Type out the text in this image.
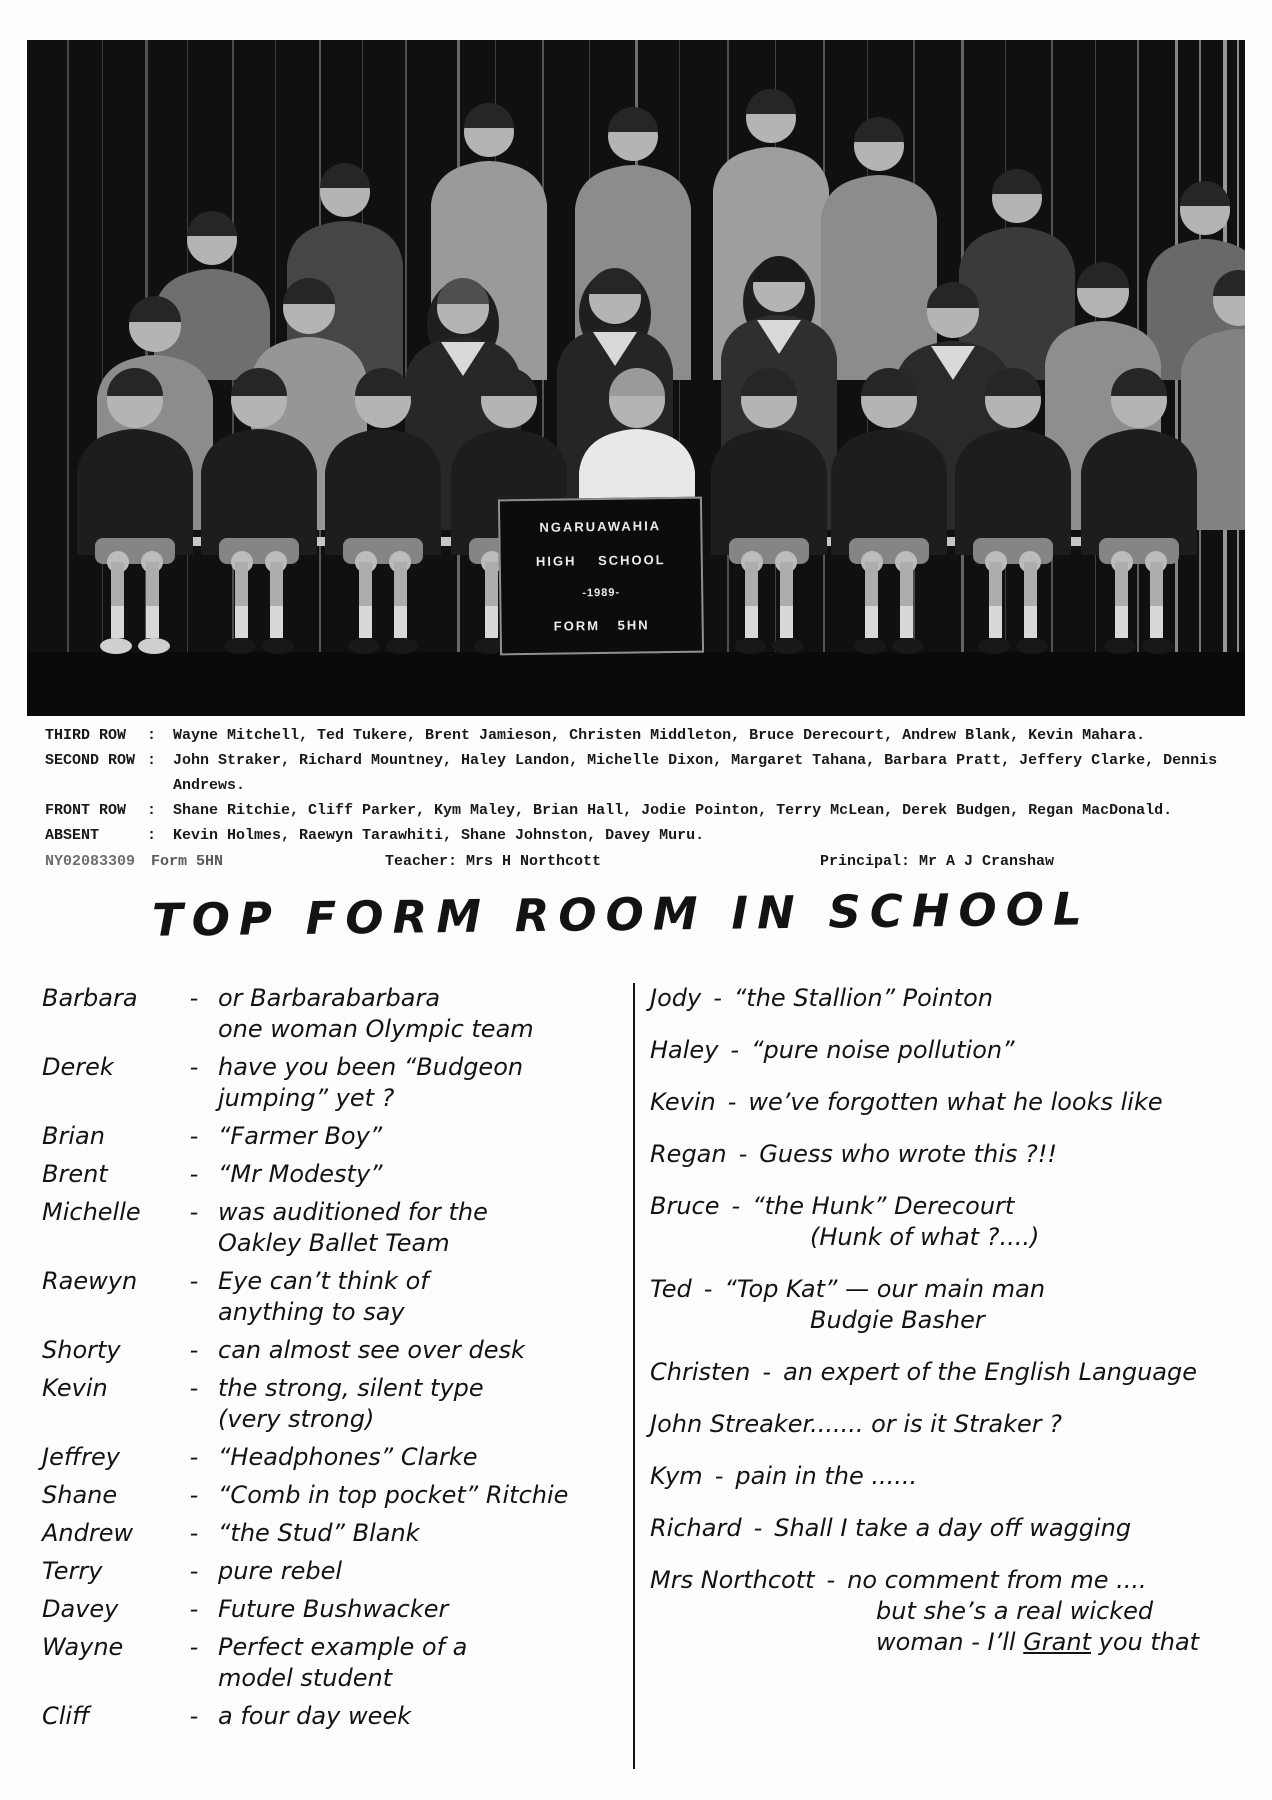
NGARUAWAHIA
HIGH SCHOOL
-1989-
FORM 5HN
THIRD ROW	:	Wayne Mitchell, Ted Tukere, Brent Jamieson, Christen Middleton, Bruce Derecourt, Andrew Blank, Kevin Mahara.
SECOND ROW :	John Straker, Richard Mountney, Haley Landon, Michelle Dixon, Margaret Tahana, Barbara Pratt, Jeffery Clarke, Dennis Andrews.
FRONT ROW	:	Shane Ritchie, Cliff Parker, Kym Maley, Brian Hall, Jodie Pointon, Terry McLean, Derek Budgen, Regan MacDonald.
ABSENT	:	Kevin Holmes, Raewyn Tarawhiti, Shane Johnston, Davey Muru.
NY02083309 Form 5HN	Teacher: Mrs H Northcott	Principal: Mr A J Cranshaw
TOP FORM ROOM IN SCHOOL
Barbara	- or Barbarabarbara
one woman Olympic team
Derek	- have you been “Budgeon
jumping” yet ?
Brian	- “Farmer Boy”
Brent	- “Mr Modesty”
Michelle	- was auditioned for the
Oakley Ballet Team
Raewyn	- Eye can’t think of
anything to say
Shorty	- can almost see over desk
Kevin	- the strong, silent type
(very strong)
Jeffrey	- “Headphones” Clarke
Shane	- “Comb in top pocket” Ritchie
Andrew	- “the Stud” Blank
Terry	- pure rebel
Davey	- Future Bushwacker
Wayne	- Perfect example of a
model student
Cliff	- a four day week
Jody - “the Stallion” Pointon
Haley - “pure noise pollution”
Kevin - we’ve forgotten what he looks like
Regan - Guess who wrote this ?!!
Bruce - “the Hunk” Derecourt
(Hunk of what ?....)
Ted - “Top Kat” — our main man
Budgie Basher
Christen - an expert of the English Language
John Streaker....... or is it Straker ?
Kym - pain in the ......
Richard - Shall I take a day off wagging
Mrs Northcott - no comment from me ....
but she’s a real wicked
woman - I’ll Grant you that
